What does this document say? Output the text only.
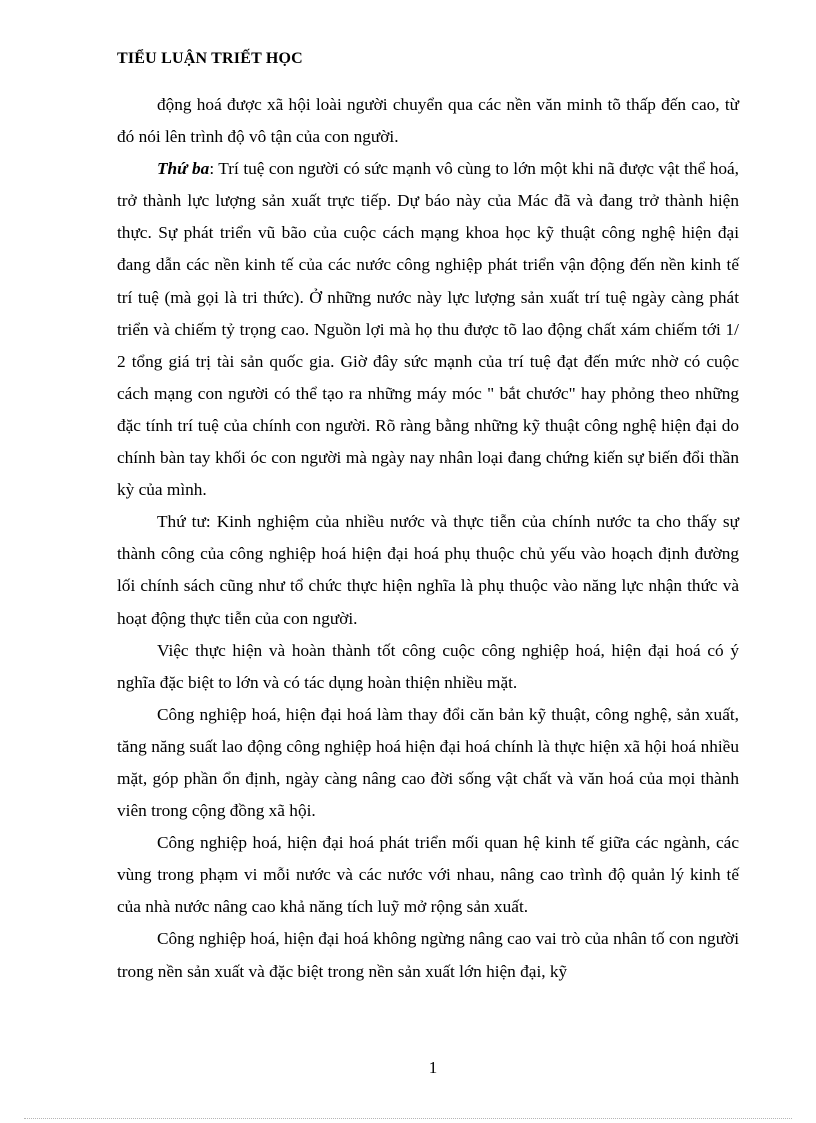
TIỂU LUẬN TRIẾT HỌC

động hoá được xã hội loài người chuyển qua các nền văn minh tõ thấp đến cao, từ đó nói lên trình độ vô tận của con người.

Thứ ba: Trí tuệ con người có sức mạnh vô cùng to lớn một khi nã được vật thể hoá, trở thành lực lượng sản xuất trực tiếp. Dự báo này của Mác đã và đang trở thành hiện thực. Sự phát triển vũ bão của cuộc cách mạng khoa học kỹ thuật công nghệ hiện đại đang dẫn các nền kinh tế của các nước công nghiệp phát triển vận động đến nền kinh tế trí tuệ (mà gọi là tri thức). Ở những nước này lực lượng sản xuất trí tuệ ngày càng phát triển và chiếm tỷ trọng cao. Nguồn lợi mà họ thu được tõ lao động chất xám chiếm tới 1/ 2 tổng giá trị tài sản quốc gia. Giờ đây sức mạnh của trí tuệ đạt đến mức nhờ có cuộc cách mạng con người có thể tạo ra những máy móc " bắt chước" hay phỏng theo những đặc tính trí tuệ của chính con người. Rõ ràng bằng những kỹ thuật công nghệ hiện đại do chính bàn tay khối óc con người mà ngày nay nhân loại đang chứng kiến sự biến đổi thần kỳ của mình.

Thứ tư: Kinh nghiệm của nhiều nước và thực tiễn của chính nước ta cho thấy sự thành công của công nghiệp hoá hiện đại hoá phụ thuộc chủ yếu vào hoạch định đường lối chính sách cũng như tổ chức thực hiện nghĩa là phụ thuộc vào năng lực nhận thức và hoạt động thực tiễn của con người.

Việc thực hiện và hoàn thành tốt công cuộc công nghiệp hoá, hiện đại hoá có ý nghĩa đặc biệt to lớn và có tác dụng hoàn thiện nhiều mặt.

Công nghiệp hoá, hiện đại hoá làm thay đổi căn bản kỹ thuật, công nghệ, sản xuất, tăng năng suất lao động công nghiệp hoá hiện đại hoá chính là thực hiện xã hội hoá nhiều mặt, góp phần ổn định, ngày càng nâng cao đời sống vật chất và văn hoá của mọi thành viên trong cộng đồng xã hội.

Công nghiệp hoá, hiện đại hoá phát triển mối quan hệ kinh tế giữa các ngành, các vùng trong phạm vi mỗi nước và các nước với nhau, nâng cao trình độ quản lý kinh tế của nhà nước nâng cao khả năng tích luỹ mở rộng sản xuất.

Công nghiệp hoá, hiện đại hoá không ngừng nâng cao vai trò của nhân tố con người trong nền sản xuất và đặc biệt trong nền sản xuất lớn hiện đại, kỹ

1
